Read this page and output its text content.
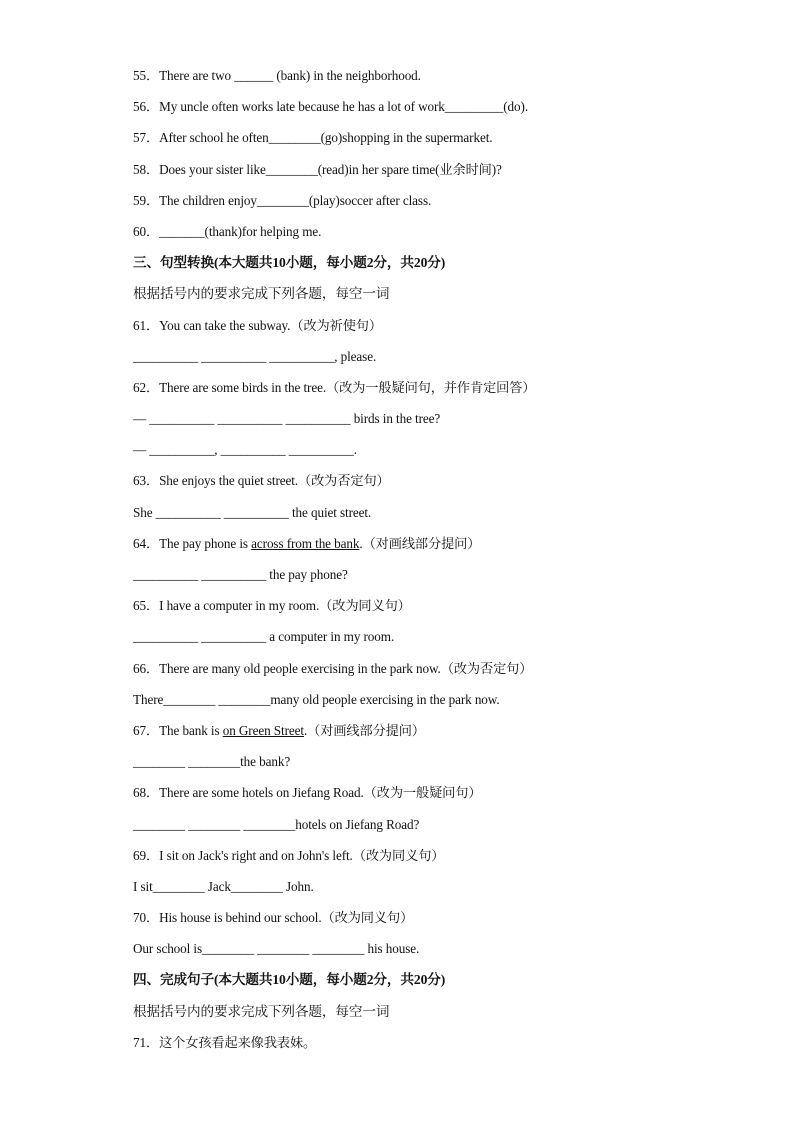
55．There are two ______ (bank) in the neighborhood.
56．My uncle often works late because he has a lot of work_________(do).
57．After school he often________(go)shopping in the supermarket.
58．Does your sister like________(read)in her spare time(业余时间)?
59．The children enjoy________(play)soccer after class.
60．_______(thank)for helping me.
三、句型转换(本大题共10小题，每小题2分，共20分)
根据括号内的要求完成下列各题，每空一词
61．You can take the subway.（改为祈使句）
__________ __________ __________, please.
62．There are some birds in the tree.（改为一般疑问句，并作肯定回答）
— __________ __________ __________ birds in the tree?
— __________, __________ __________.
63．She enjoys the quiet street.（改为否定句）
She __________ __________ the quiet street.
64．The pay phone is across from the bank.（对画线部分提问）
__________ __________ the pay phone?
65．I have a computer in my room.（改为同义句）
__________ __________ a computer in my room.
66．There are many old people exercising in the park now.（改为否定句）
There________ ________many old people exercising in the park now.
67．The bank is on Green Street.（对画线部分提问）
________ ________the bank?
68．There are some hotels on Jiefang Road.（改为一般疑问句）
________ ________ ________hotels on Jiefang Road?
69．I sit on Jack's right and on John's left.（改为同义句）
I sit________ Jack________ John.
70．His house is behind our school.（改为同义句）
Our school is________ ________ ________ his house.
四、完成句子(本大题共10小题，每小题2分，共20分)
根据括号内的要求完成下列各题，每空一词
71．这个女孩看起来像我表妹。
